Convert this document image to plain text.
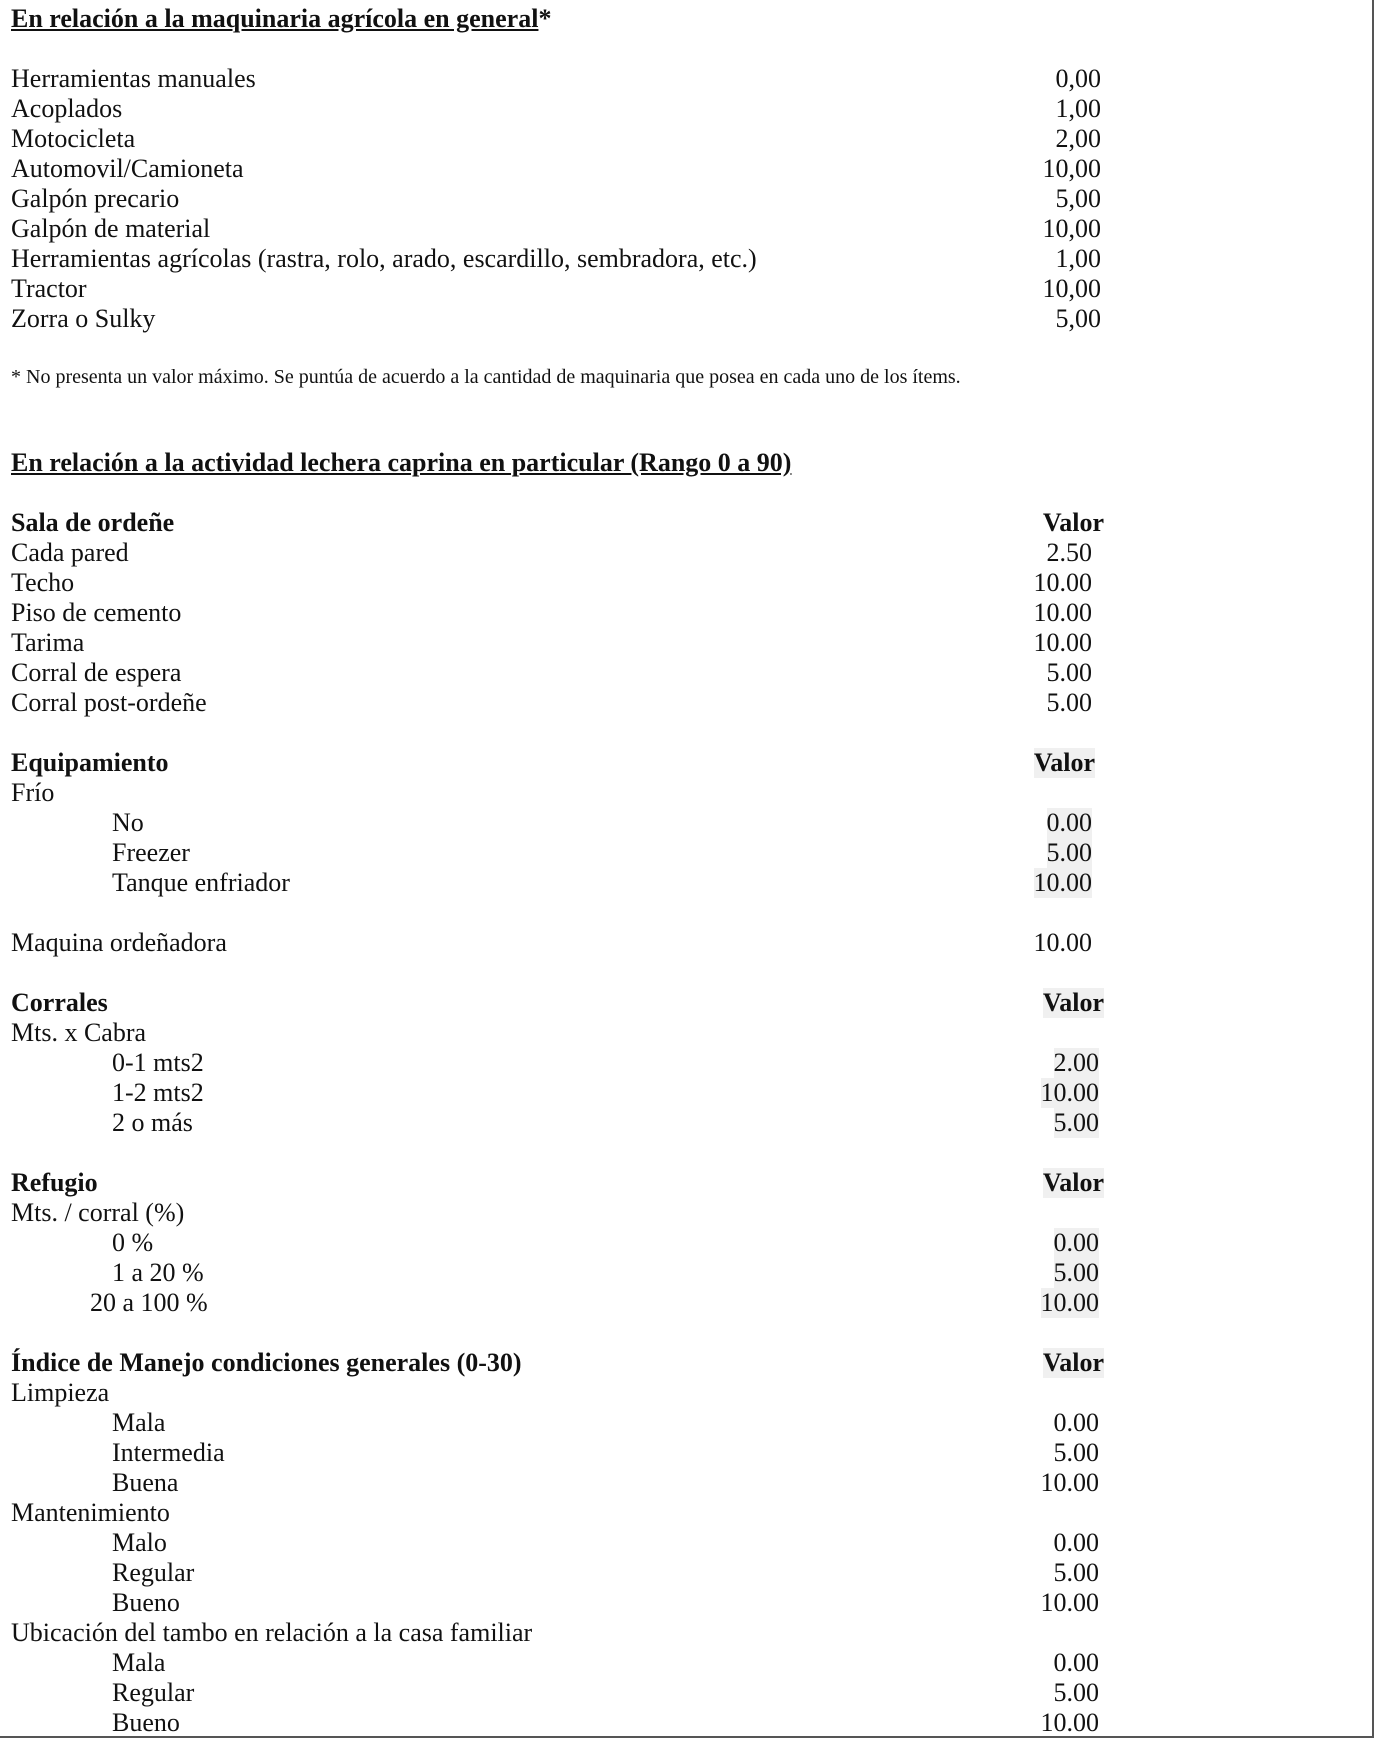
En relación a la maquinaria agrícola en general*
Herramientas manuales	0,00
Acoplados	1,00
Motocicleta	2,00
Automovil/Camioneta	10,00
Galpón precario	5,00
Galpón de material	10,00
Herramientas agrícolas (rastra, rolo, arado, escardillo, sembradora, etc.)	1,00
Tractor	10,00
Zorra o Sulky	5,00
* No presenta un valor máximo. Se puntúa de acuerdo a la cantidad de maquinaria que posea en cada uno de los ítems.
En relación a la actividad lechera caprina en particular (Rango 0 a 90)
Sala de ordeñe	Valor
Cada pared	2.50
Techo	10.00
Piso de cemento	10.00
Tarima	10.00
Corral de espera	5.00
Corral post-ordeñe	5.00
Equipamiento	Valor
Frío
No	0.00
Freezer	5.00
Tanque enfriador	10.00
Maquina ordeñadora	10.00
Corrales	Valor
Mts. x Cabra
0-1 mts2	2.00
1-2 mts2	10.00
2 o más	5.00
Refugio	Valor
Mts. / corral (%)
0 %	0.00
1 a 20 %	5.00
20 a 100 %	10.00
Índice de Manejo condiciones generales (0-30)	Valor
Limpieza
Mala	0.00
Intermedia	5.00
Buena	10.00
Mantenimiento
Malo	0.00
Regular	5.00
Bueno	10.00
Ubicación del tambo en relación a la casa familiar
Mala	0.00
Regular	5.00
Bueno	10.00
